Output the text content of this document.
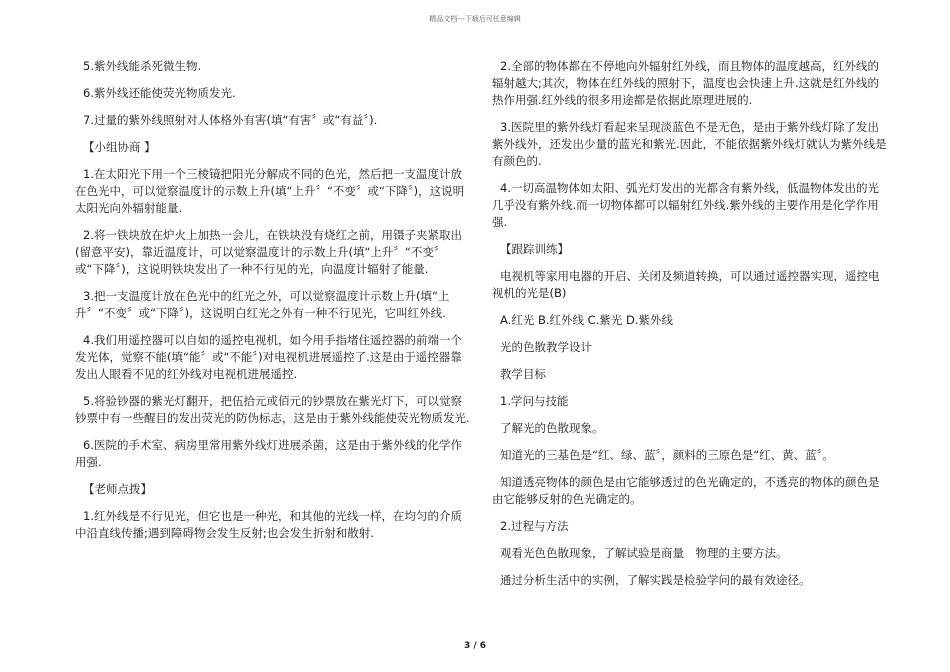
精品文档---下载后可任意编辑

5.紫外线能杀死微生物.

6.紫外线还能使荧光物质发光.

7.过量的紫外线照射对人体格外有害(填“有害〞或“有益〞).

【小组协商 】

1.在太阳光下用一个三棱镜把阳光分解成不同的色光，然后把一支温度计放在色光中，可以觉察温度计的示数上升(填“上升〞“不变〞或“下降〞)，这说明太阳光向外辐射能量.

2.将一铁块放在炉火上加热一会儿，在铁块没有烧红之前，用镊子夹紧取出(留意平安)，靠近温度计，可以觉察温度计的示数上升(填“上升〞“不变〞或“下降〞)，这说明铁块发出了一种不行见的光，向温度计辐射了能量.

3.把一支温度计放在色光中的红光之外，可以觉察温度计示数上升(填“上升〞“不变〞或“下降〞)，这说明白红光之外有一种不行见光，它叫红外线.

4.我们用遥控器可以自如的遥控电视机，如今用手指堵住遥控器的前端一个发光体，觉察不能(填“能〞或“不能〞)对电视机进展遥控了.这是由于遥控器靠发出人眼看不见的红外线对电视机进展遥控.

5.将验钞器的紫光灯翻开，把伍拾元或佰元的钞票放在紫光灯下，可以觉察钞票中有一些醒目的发出荧光的防伪标志，这是由于紫外线能使荧光物质发光.

6.医院的手术室、病房里常用紫外线灯进展杀菌，这是由于紫外线的化学作用强.

【老师点拨】

1.红外线是不行见光，但它也是一种光，和其他的光线一样，在均匀的介质中沿直线传播;遇到障碍物会发生反射;也会发生折射和散射.

2.全部的物体都在不停地向外辐射红外线，而且物体的温度越高，红外线的辐射越大;其次，物体在红外线的照射下，温度也会快速上升.这就是红外线的热作用强.红外线的很多用途都是依据此原理进展的.

3.医院里的紫外线灯看起来呈现淡蓝色不是无色，是由于紫外线灯除了发出紫外线外，还发出少量的蓝光和紫光.因此，不能依据紫外线灯就认为紫外线是有颜色的.

4.一切高温物体如太阳、弧光灯发出的光都含有紫外线，低温物体发出的光几乎没有紫外线.而一切物体都可以辐射红外线.紫外线的主要作用是化学作用强.

【跟踪训练】

电视机等家用电器的开启、关闭及频道转换，可以通过遥控器实现，遥控电视机的光是(B)

A.红光 B.红外线 C.紫光 D.紫外线

光的色散教学设计

教学目标

1.学问与技能

了解光的色散现象。

知道光的三基色是“红、绿、蓝〞，颜料的三原色是“红、黄、蓝〞。

知道透亮物体的颜色是由它能够透过的色光确定的，不透亮的物体的颜色是由它能够反射的色光确定的。

2.过程与方法

观看光色色散现象，了解试验是商量　物理的主要方法。

通过分析生活中的实例，了解实践是检验学问的最有效途径。

3 / 6
